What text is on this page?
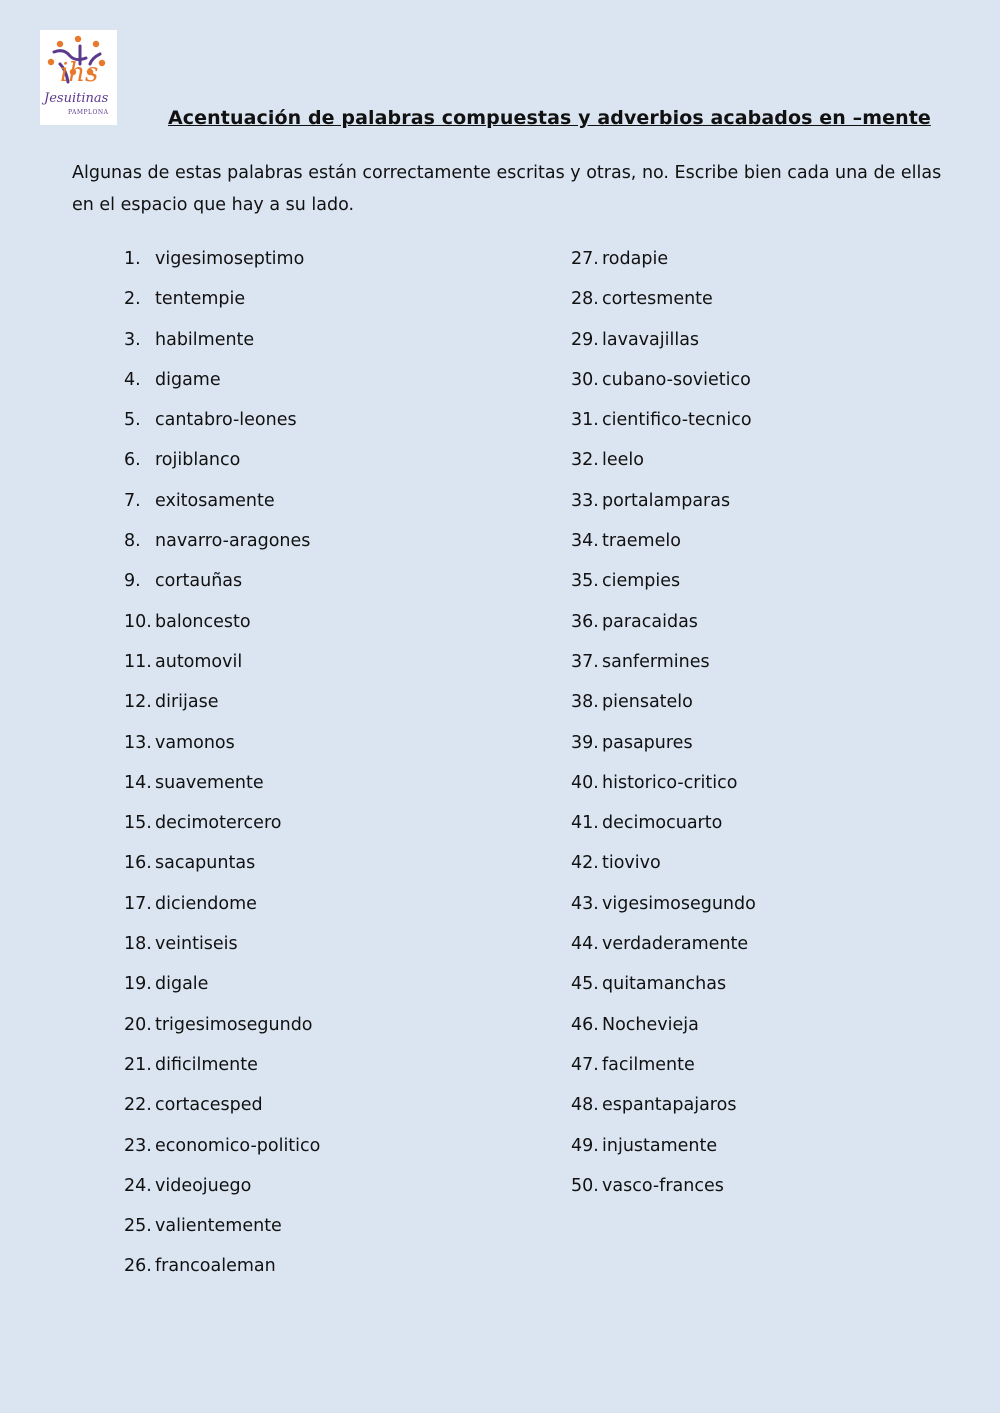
ihs
Jesuitinas
PAMPLONA	Acentuación de palabras compuestas y adverbios acabados en –mente
Algunas de estas palabras están correctamente escritas y otras, no. Escribe bien cada una de ellas en el espacio que hay a su lado.
1. vigesimoseptimo
2. tentempie
3. habilmente
4. digame
5. cantabro-leones
6. rojiblanco
7. exitosamente
8. navarro-aragones
9. cortauñas
10. baloncesto
11. automovil
12. dirijase
13. vamonos
14. suavemente
15. decimotercero
16. sacapuntas
17. diciendome
18. veintiseis
19. digale
20. trigesimosegundo
21. dificilmente
22. cortacesped
23. economico-politico
24. videojuego
25. valientemente
26. francoaleman
27. rodapie
28. cortesmente
29. lavavajillas
30. cubano-sovietico
31. cientifico-tecnico
32. leelo
33. portalamparas
34. traemelo
35. ciempies
36. paracaidas
37. sanfermines
38. piensatelo
39. pasapures
40. historico-critico
41. decimocuarto
42. tiovivo
43. vigesimosegundo
44. verdaderamente
45. quitamanchas
46. Nochevieja
47. facilmente
48. espantapajaros
49. injustamente
50. vasco-frances
